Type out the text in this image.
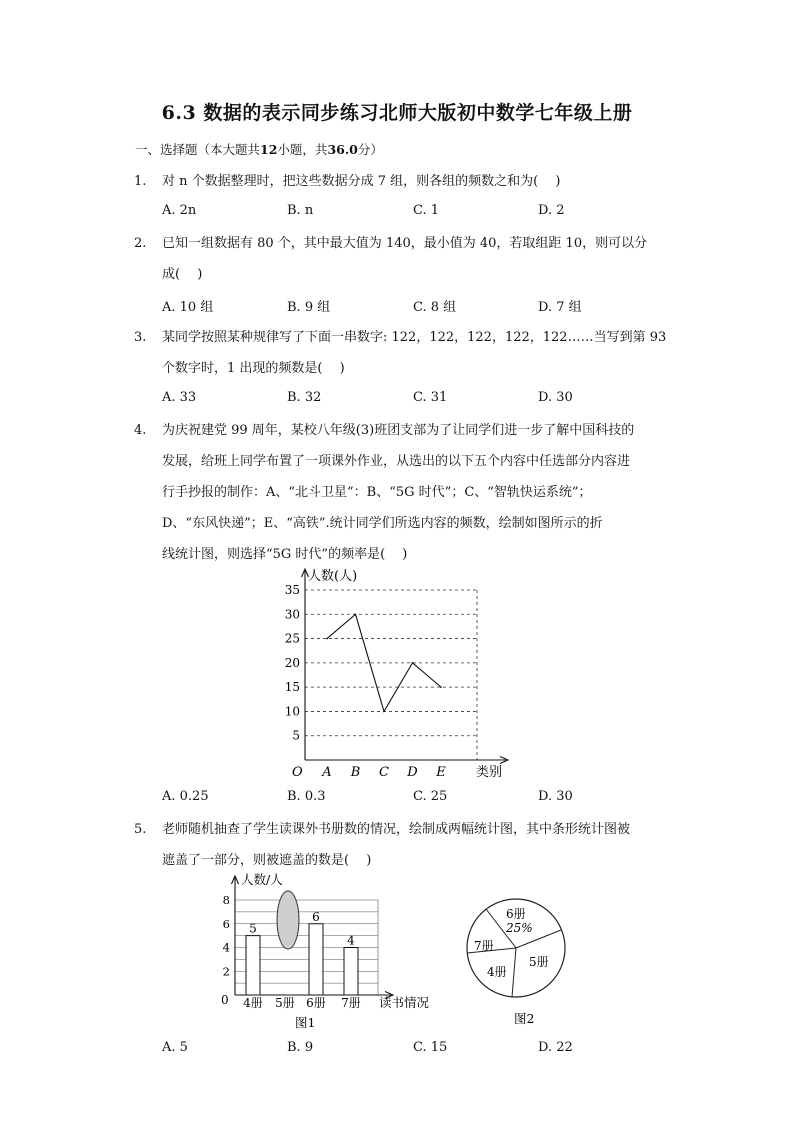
6.3 数据的表示同步练习北师大版初中数学七年级上册
一、选择题（本大题共12小题，共36.0分）
1.	对 n 个数据整理时，把这些数据分成 7 组，则各组的频数之和为(　 )
A. 2n	B. n	C. 1	D. 2
2.	已知一组数据有 80 个，其中最大值为 140，最小值为 40，若取组距 10，则可以分
成(　 )
A. 10 组	B. 9 组	C. 8 组	D. 7 组
3.	某同学按照某种规律写了下面一串数字: 122，122，122，122，122……当写到第 93
个数字时，1 出现的频数是(　 )
A. 33	B. 32	C. 31	D. 30
4.	为庆祝建党 99 周年，某校八年级(3)班团支部为了让同学们进一步了解中国科技的
发展，给班上同学布置了一项课外作业，从选出的以下五个内容中任选部分内容进
行手抄报的制作：A、“北斗卫星”：B、“5G 时代”；C、“智轨快运系统”；
D、“东风快递”；E、“高铁”.统计同学们所选内容的频数，绘制如图所示的折
线统计图，则选择“5G 时代”的频率是(　 )
5
10
15
20
25
30
35
A B C D E
人数(人)
类别
O
A. 0.25	B. 0.3	C. 25	D. 30
5.	老师随机抽查了学生读课外书册数的情况，绘制成两幅统计图，其中条形统计图被
遮盖了一部分，则被遮盖的数是(　 )
2
4
6
8
4册 5册 6册 7册
5
6
4
人数/人
读书情况
0
图1
6册
25%
7册
4册
5册
图2
A. 5	B. 9	C. 15	D. 22
